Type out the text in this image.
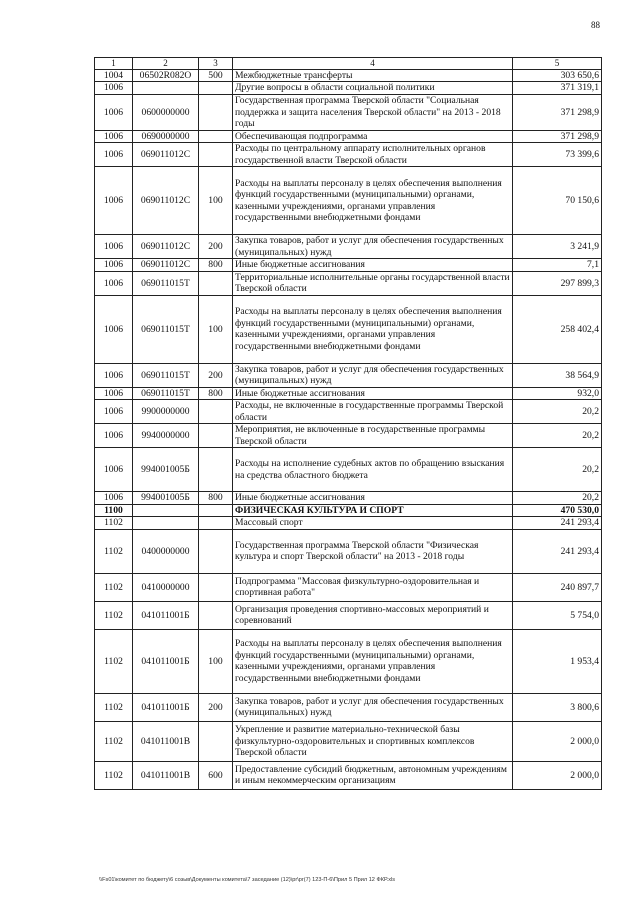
88
1	2	3	4	5
1004	06502R082O	500	Межбюджетные трансферты	303 650,6
1006			Другие вопросы в области социальной политики	371 319,1
1006	0600000000		Государственная программа Тверской области "Социальная поддержка и защита населения Тверской области" на 2013 - 2018 годы	371 298,9
1006	0690000000		Обеспечивающая подпрограмма	371 298,9
1006	069011012С		Расходы по центральному аппарату исполнительных органов государственной власти Тверской области	73 399,6
1006	069011012С	100	Расходы на выплаты персоналу в целях обеспечения выполнения функций государственными (муниципальными) органами, казенными учреждениями, органами управления государственными внебюджетными фондами	70 150,6
1006	069011012С	200	Закупка товаров, работ и услуг для обеспечения государственных (муниципальных) нужд	3 241,9
1006	069011012С	800	Иные бюджетные ассигнования	7,1
1006	069011015Т		Территориальные исполнительные органы государственной власти Тверской области	297 899,3
1006	069011015Т	100	Расходы на выплаты персоналу в целях обеспечения выполнения функций государственными (муниципальными) органами, казенными учреждениями, органами управления государственными внебюджетными фондами	258 402,4
1006	069011015Т	200	Закупка товаров, работ и услуг для обеспечения государственных (муниципальных) нужд	38 564,9
1006	069011015Т	800	Иные бюджетные ассигнования	932,0
1006	9900000000		Расходы, не включенные в государственные программы Тверской области	20,2
1006	9940000000		Мероприятия, не включенные в государственные программы Тверской области	20,2
1006	994001005Б		Расходы на исполнение судебных актов по обращению взыскания на средства областного бюджета	20,2
1006	994001005Б	800	Иные бюджетные ассигнования	20,2
1100			ФИЗИЧЕСКАЯ КУЛЬТУРА И СПОРТ	470 530,0
1102			Массовый спорт	241 293,4
1102	0400000000		Государственная программа Тверской области "Физическая культура и спорт Тверской области" на 2013 - 2018 годы	241 293,4
1102	0410000000		Подпрограмма "Массовая физкультурно-оздоровительная и спортивная работа"	240 897,7
1102	041011001Б		Организация проведения спортивно-массовых мероприятий и соревнований	5 754,0
1102	041011001Б	100	Расходы на выплаты персоналу в целях обеспечения выполнения функций государственными (муниципальными) органами, казенными учреждениями, органами управления государственными внебюджетными фондами	1 953,4
1102	041011001Б	200	Закупка товаров, работ и услуг для обеспечения государственных (муниципальных) нужд	3 800,6
1102	041011001В		Укрепление и развитие материально-технической базы физкультурно-оздоровительных и спортивных комплексов Тверской области	2 000,0
1102	041011001В	600	Предоставление субсидий бюджетным, автономным учреждениям и иным некоммерческим организациям	2 000,0
\\Fs01\комитет по бюджету\6 созыв\Документы комитета\7 заседание (12)\pr\pr(7) 123-П-6\Прил 5 Прил 12 ФКР.xls
